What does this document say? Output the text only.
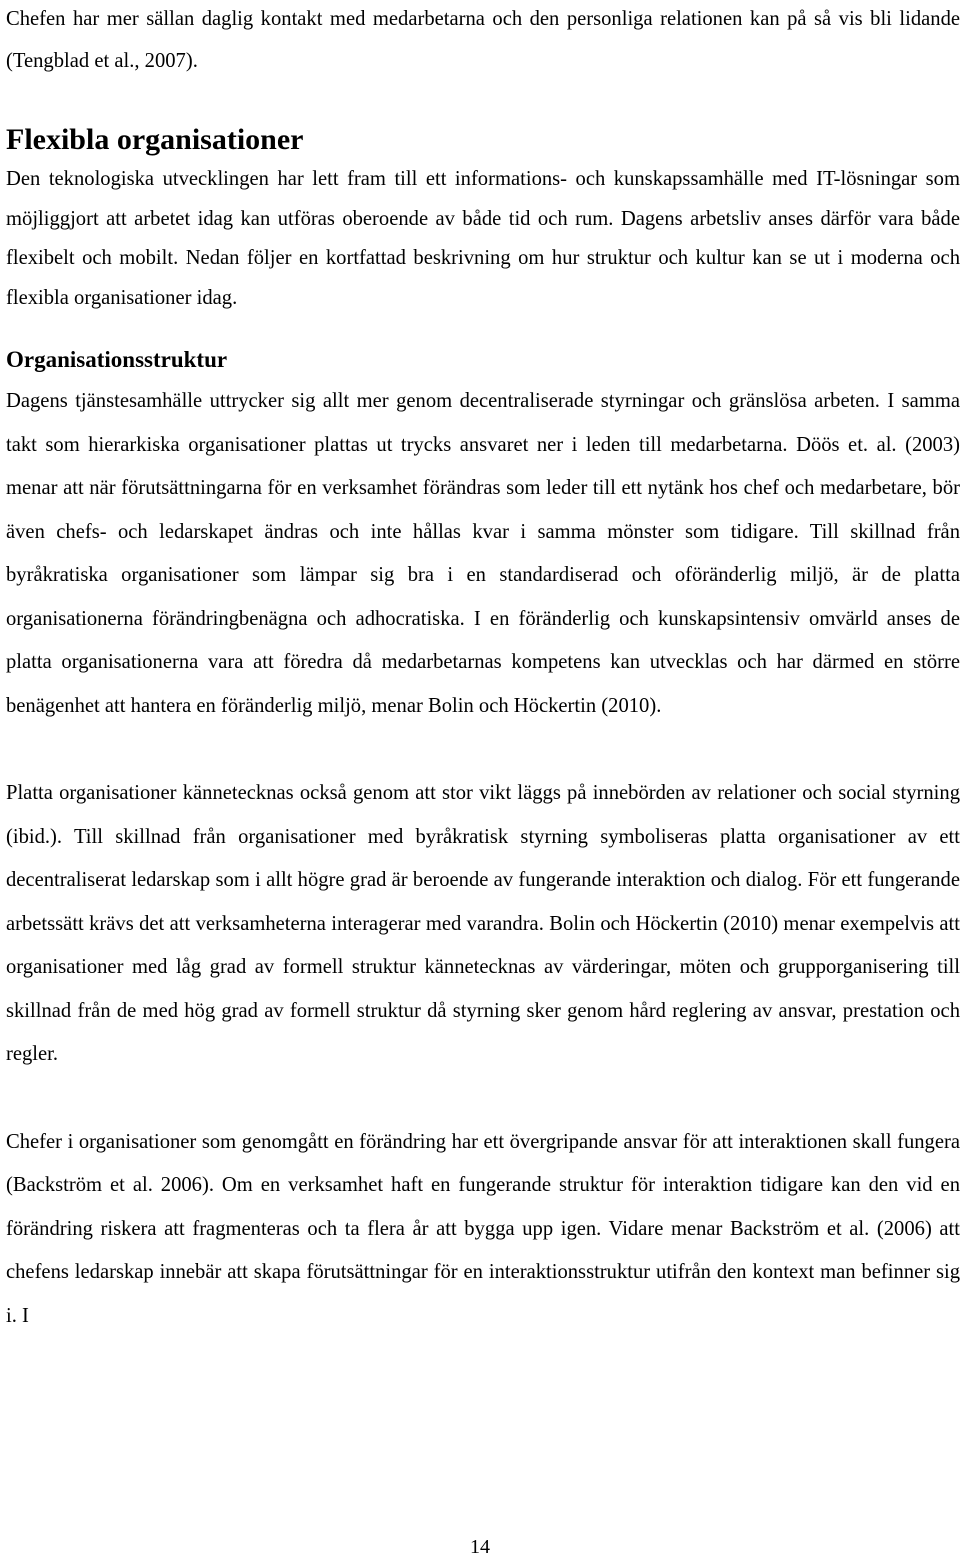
Chefen har mer sällan daglig kontakt med medarbetarna och den personliga relationen kan på så vis bli lidande (Tengblad et al., 2007).

Flexibla organisationer

Den teknologiska utvecklingen har lett fram till ett informations- och kunskapssamhälle med IT-lösningar som möjliggjort att arbetet idag kan utföras oberoende av både tid och rum. Dagens arbetsliv anses därför vara både flexibelt och mobilt. Nedan följer en kortfattad beskrivning om hur struktur och kultur kan se ut i moderna och flexibla organisationer idag.

Organisationsstruktur

Dagens tjänstesamhälle uttrycker sig allt mer genom decentraliserade styrningar och gränslösa arbeten. I samma takt som hierarkiska organisationer plattas ut trycks ansvaret ner i leden till medarbetarna. Döös et. al. (2003) menar att när förutsättningarna för en verksamhet förändras som leder till ett nytänk hos chef och medarbetare, bör även chefs- och ledarskapet ändras och inte hållas kvar i samma mönster som tidigare. Till skillnad från byråkratiska organisationer som lämpar sig bra i en standardiserad och oföränderlig miljö, är de platta organisationerna förändringbenägna och adhocratiska. I en föränderlig och kunskapsintensiv omvärld anses de platta organisationerna vara att föredra då medarbetarnas kompetens kan utvecklas och har därmed en större benägenhet att hantera en föränderlig miljö, menar Bolin och Höckertin (2010).

Platta organisationer kännetecknas också genom att stor vikt läggs på innebörden av relationer och social styrning (ibid.). Till skillnad från organisationer med byråkratisk styrning symboliseras platta organisationer av ett decentraliserat ledarskap som i allt högre grad är beroende av fungerande interaktion och dialog. För ett fungerande arbetssätt krävs det att verksamheterna interagerar med varandra. Bolin och Höckertin (2010) menar exempelvis att organisationer med låg grad av formell struktur kännetecknas av värderingar, möten och grupporganisering till skillnad från de med hög grad av formell struktur då styrning sker genom hård reglering av ansvar, prestation och regler.

Chefer i organisationer som genomgått en förändring har ett övergripande ansvar för att interaktionen skall fungera (Backström et al. 2006). Om en verksamhet haft en fungerande struktur för interaktion tidigare kan den vid en förändring riskera att fragmenteras och ta flera år att bygga upp igen. Vidare menar Backström et al. (2006) att chefens ledarskap innebär att skapa förutsättningar för en interaktionsstruktur utifrån den kontext man befinner sig i. I

14
